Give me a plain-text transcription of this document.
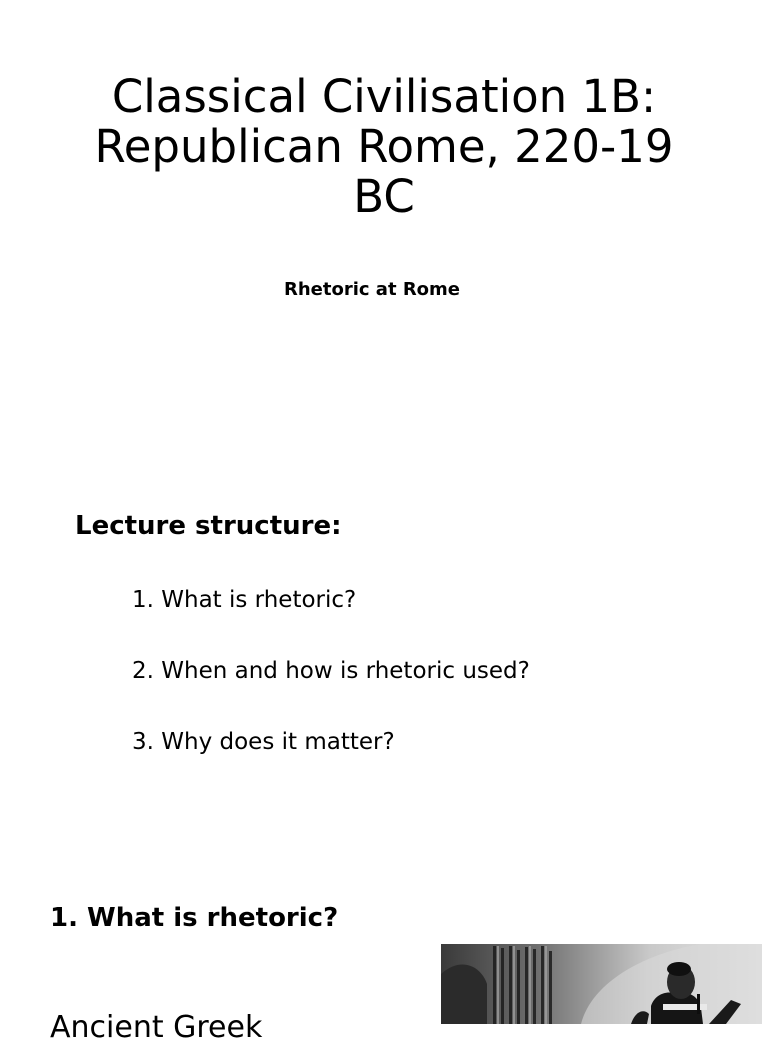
Classical Civilisation 1B: Republican Rome, 220-19 BC
Rhetoric at Rome
Lecture structure:
1. What is rhetoric?
2. When and how is rhetoric used?
3. Why does it matter?
1. What is rhetoric?
Ancient Greek
